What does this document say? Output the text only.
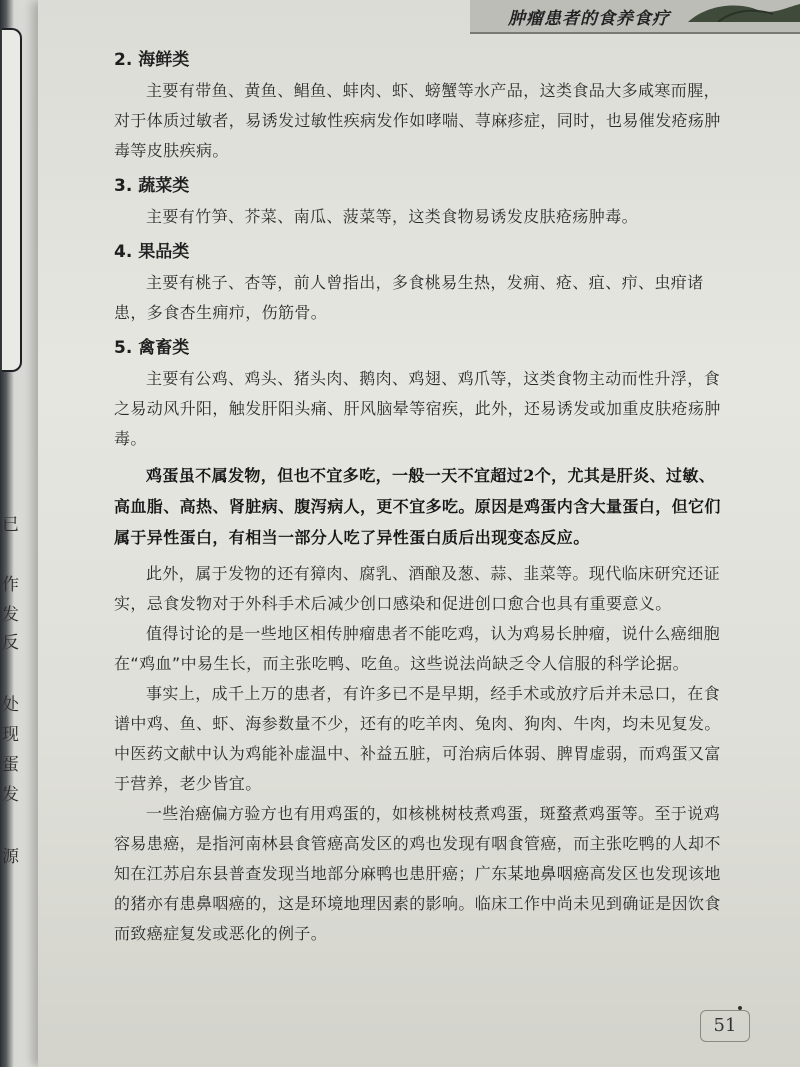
已
作
发
反
处
现
蛋
发
源
肿瘤患者的食养食疗
2. 海鲜类

主要有带鱼、黄鱼、鲳鱼、蚌肉、虾、螃蟹等水产品，这类食品大多咸寒而腥，对于体质过敏者，易诱发过敏性疾病发作如哮喘、荨麻疹症，同时，也易催发疮疡肿毒等皮肤疾病。

3. 蔬菜类

主要有竹笋、芥菜、南瓜、菠菜等，这类食物易诱发皮肤疮疡肿毒。

4. 果品类

主要有桃子、杏等，前人曾指出，多食桃易生热，发痈、疮、疽、疖、虫疳诸患，多食杏生痈疖，伤筋骨。

5. 禽畜类

主要有公鸡、鸡头、猪头肉、鹅肉、鸡翅、鸡爪等，这类食物主动而性升浮，食之易动风升阳，触发肝阳头痛、肝风脑晕等宿疾，此外，还易诱发或加重皮肤疮疡肿毒。

鸡蛋虽不属发物，但也不宜多吃，一般一天不宜超过2个，尤其是肝炎、过敏、高血脂、高热、肾脏病、腹泻病人，更不宜多吃。原因是鸡蛋内含大量蛋白，但它们属于异性蛋白，有相当一部分人吃了异性蛋白质后出现变态反应。

此外，属于发物的还有獐肉、腐乳、酒酿及葱、蒜、韭菜等。现代临床研究还证实，忌食发物对于外科手术后减少创口感染和促进创口愈合也具有重要意义。

值得讨论的是一些地区相传肿瘤患者不能吃鸡，认为鸡易长肿瘤，说什么癌细胞在“鸡血”中易生长，而主张吃鸭、吃鱼。这些说法尚缺乏令人信服的科学论据。

事实上，成千上万的患者，有许多已不是早期，经手术或放疗后并未忌口，在食谱中鸡、鱼、虾、海参数量不少，还有的吃羊肉、兔肉、狗肉、牛肉，均未见复发。中医药文献中认为鸡能补虚温中、补益五脏，可治病后体弱、脾胃虚弱，而鸡蛋又富于营养，老少皆宜。

一些治癌偏方验方也有用鸡蛋的，如核桃树枝煮鸡蛋，斑蝥煮鸡蛋等。至于说鸡容易患癌，是指河南林县食管癌高发区的鸡也发现有咽食管癌，而主张吃鸭的人却不知在江苏启东县普查发现当地部分麻鸭也患肝癌；广东某地鼻咽癌高发区也发现该地的猪亦有患鼻咽癌的，这是环境地理因素的影响。临床工作中尚未见到确证是因饮食而致癌症复发或恶化的例子。

51
